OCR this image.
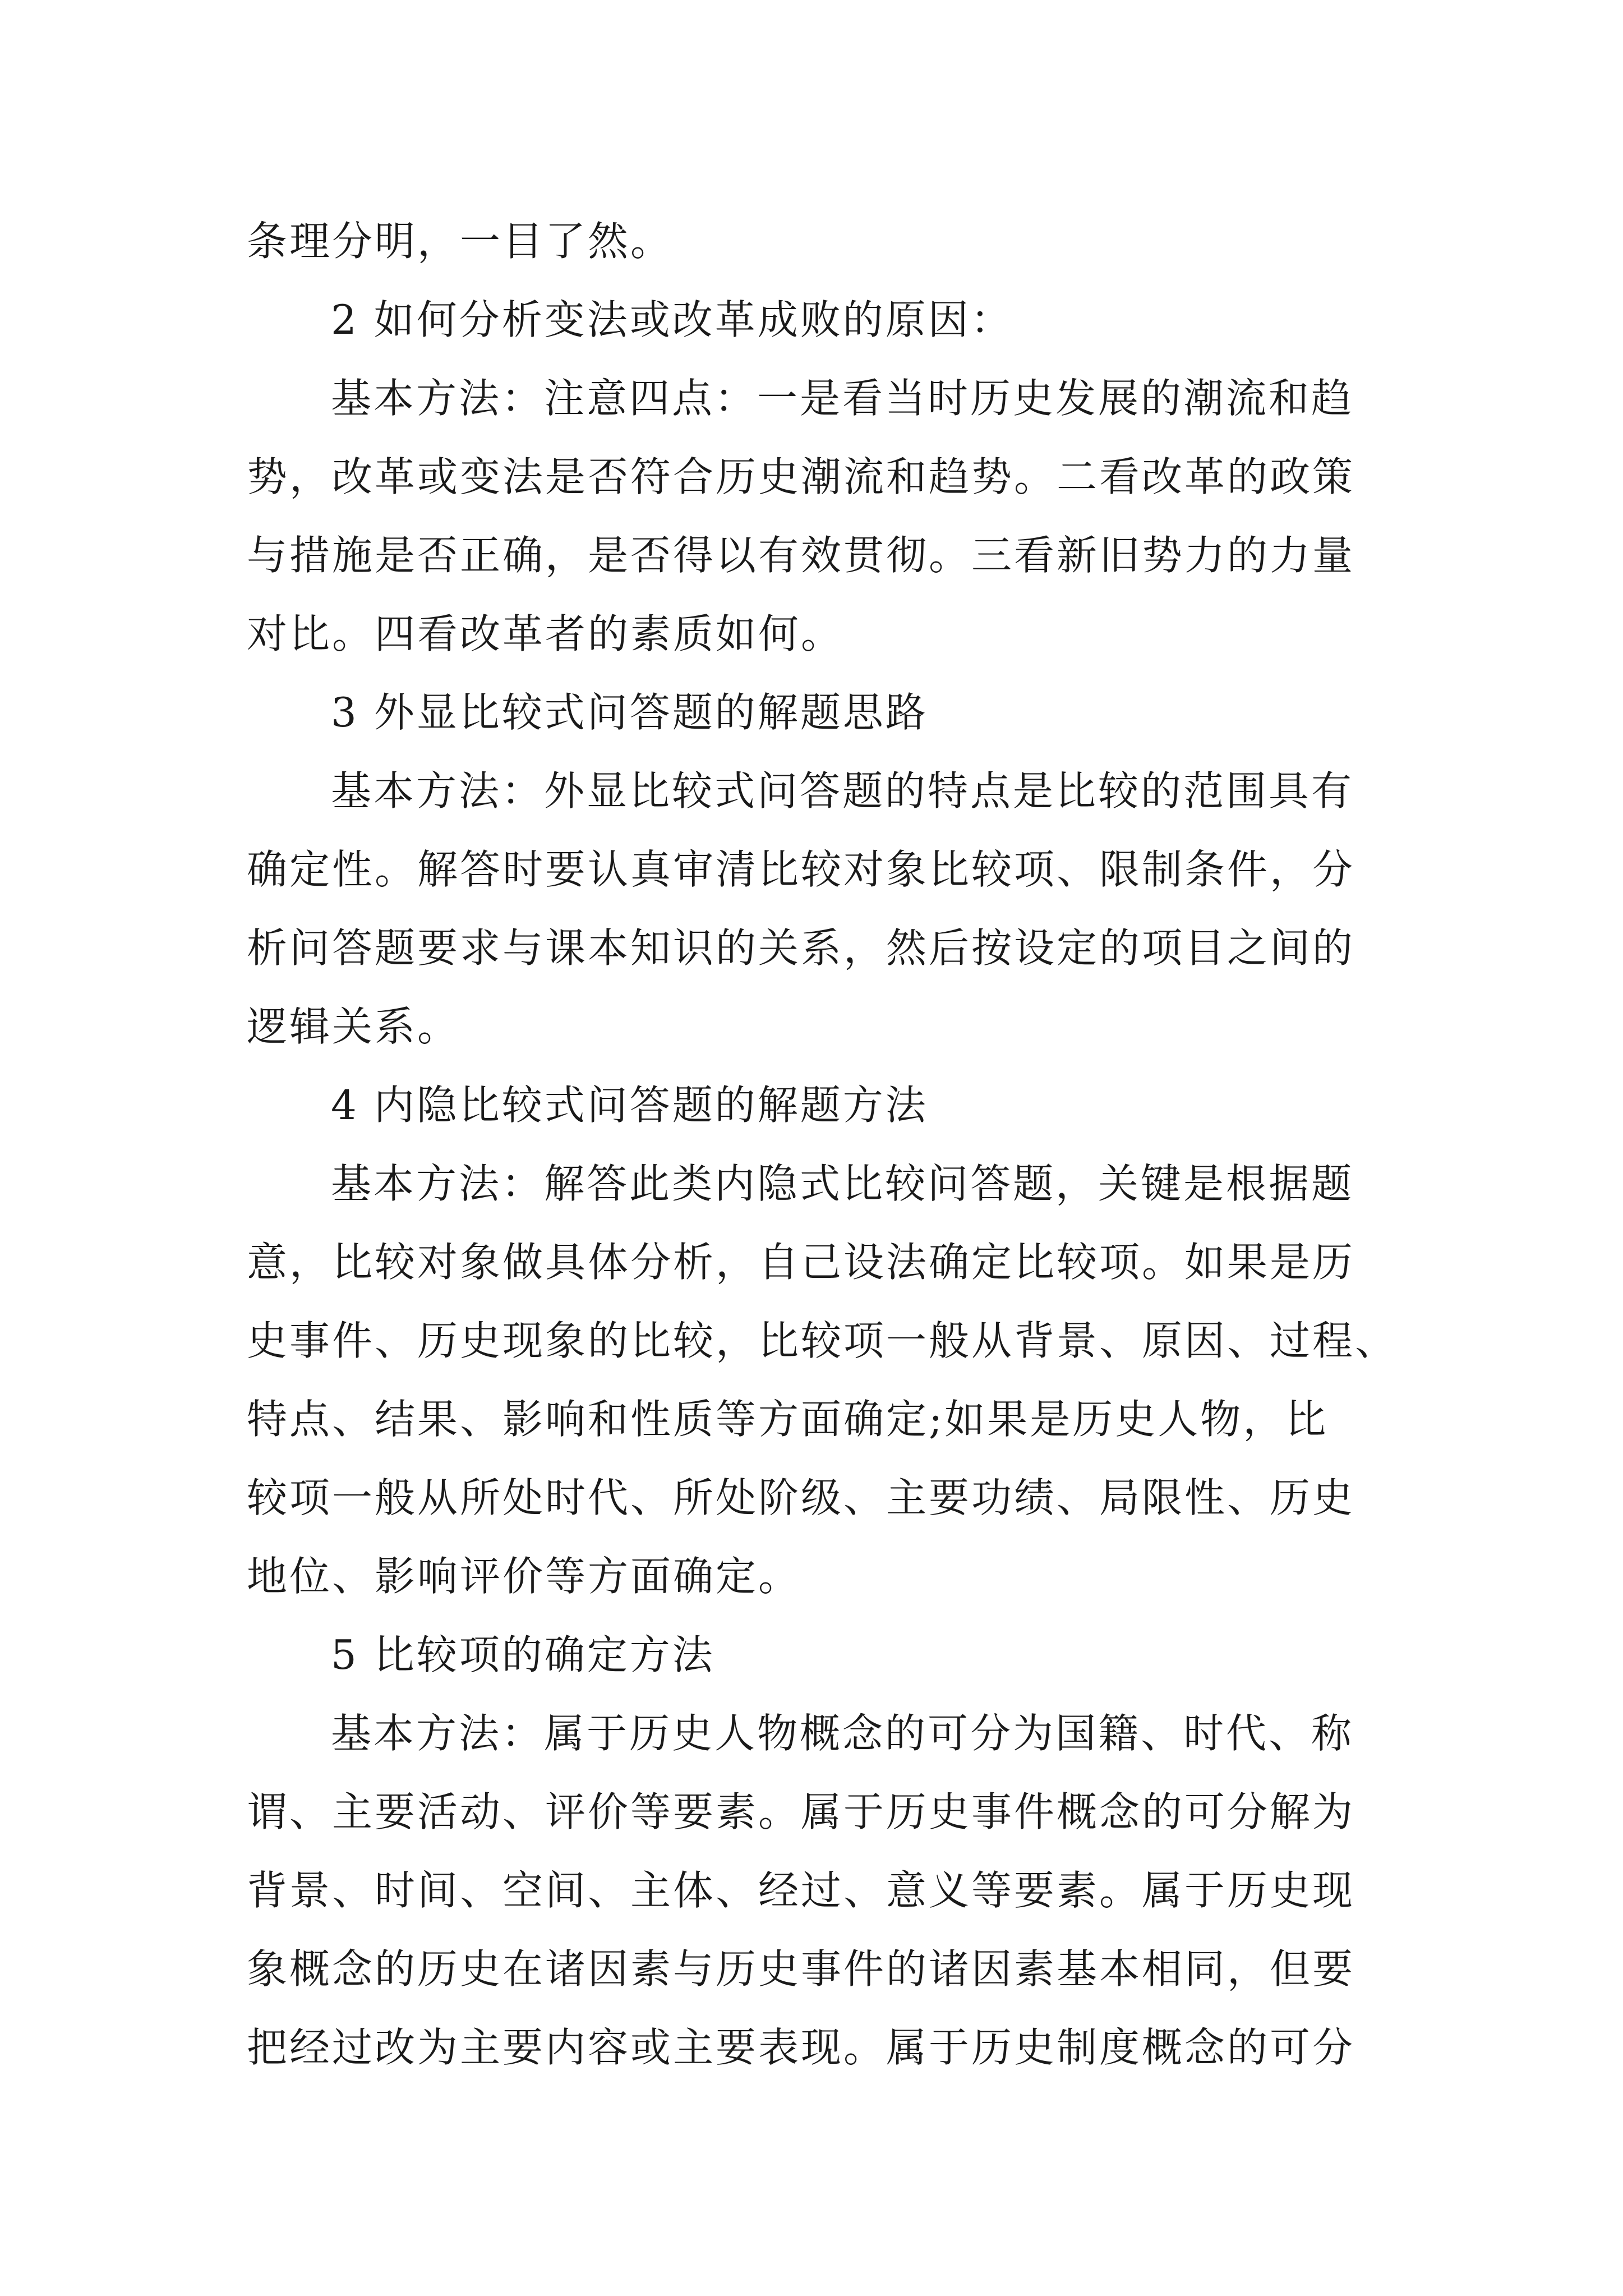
条理分明，一目了然。
2 如何分析变法或改革成败的原因：
基本方法：注意四点：一是看当时历史发展的潮流和趋
势，改革或变法是否符合历史潮流和趋势。二看改革的政策
与措施是否正确，是否得以有效贯彻。三看新旧势力的力量
对比。四看改革者的素质如何。
3 外显比较式问答题的解题思路
基本方法：外显比较式问答题的特点是比较的范围具有
确定性。解答时要认真审清比较对象比较项、限制条件，分
析问答题要求与课本知识的关系，然后按设定的项目之间的
逻辑关系。
4 内隐比较式问答题的解题方法
基本方法：解答此类内隐式比较问答题，关键是根据题
意，比较对象做具体分析，自己设法确定比较项。如果是历
史事件、历史现象的比较，比较项一般从背景、原因、过程、
特点、结果、影响和性质等方面确定;如果是历史人物，比
较项一般从所处时代、所处阶级、主要功绩、局限性、历史
地位、影响评价等方面确定。
5 比较项的确定方法
基本方法：属于历史人物概念的可分为国籍、时代、称
谓、主要活动、评价等要素。属于历史事件概念的可分解为
背景、时间、空间、主体、经过、意义等要素。属于历史现
象概念的历史在诸因素与历史事件的诸因素基本相同，但要
把经过改为主要内容或主要表现。属于历史制度概念的可分
